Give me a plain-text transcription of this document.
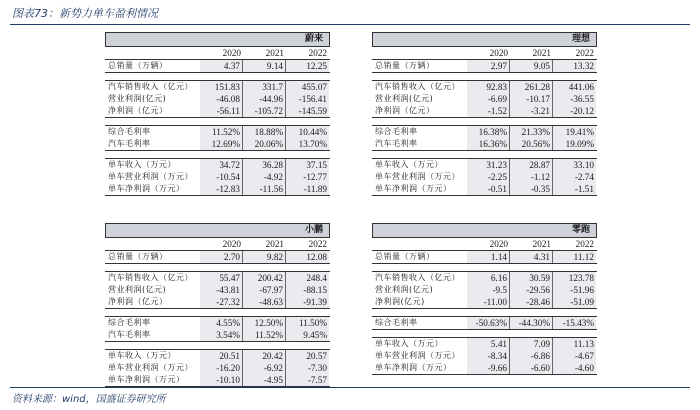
图表73：新势力单车盈利情况
蔚来
2020	2021	2022
总销量（万辆）	4.37	9.14	12.25
汽车销售收入（亿元）	151.83	331.7	455.07
营业利润(亿元)	-46.08	-44.96	-156.41
净利润（亿元）	-56.11	-105.72	-145.59
综合毛利率	11.52%	18.88%	10.44%
汽车毛利率	12.69%	20.06%	13.70%
单车收入（万元）	34.72	36.28	37.15
单车营业利润（万元）	-10.54	-4.92	-12.77
单车净利润（万元）	-12.83	-11.56	-11.89
理想
2020	2021	2022
总销量（万辆）	2.97	9.05	13.32
汽车销售收入（亿元）	92.83	261.28	441.06
营业利润(亿元)	-6.69	-10.17	-36.55
净利润（亿元）	-1.52	-3.21	-20.12
综合毛利率	16.38%	21.33%	19.41%
汽车毛利率	16.36%	20.56%	19.09%
单车收入（万元）	31.23	28.87	33.10
单车营业利润（万元）	-2.25	-1.12	-2.74
单车净利润（万元）	-0.51	-0.35	-1.51
小鹏
2020	2021	2022
总销量（万辆）	2.70	9.82	12.08
汽车销售收入（亿元）	55.47	200.42	248.4
营业利润(亿元)	-43.81	-67.97	-88.15
净利润（亿元）	-27.32	-48.63	-91.39
综合毛利率	4.55%	12.50%	11.50%
汽车毛利率	3.54%	11.52%	9.45%
单车收入（万元）	20.51	20.42	20.57
单车营业利润（万元）	-16.20	-6.92	-7.30
单车净利润（万元）	-10.10	-4.95	-7.57
零跑
2020	2021	2022
总销量（万辆）	1.14	4.31	11.12
汽车销售收入（亿元）	6.16	30.59	123.78
营业利润(亿元)	-9.5	-29.56	-51.96
净利润(亿元)	-11.00	-28.46	-51.09
综合毛利率	-50.63%	-44.30%	-15.43%
单车收入（万元）	5.41	7.09	11.13
单车营业利润（万元）	-8.34	-6.86	-4.67
单车净利润（万元）	-9.66	-6.60	-4.60
资料来源：wind，国盛证券研究所
